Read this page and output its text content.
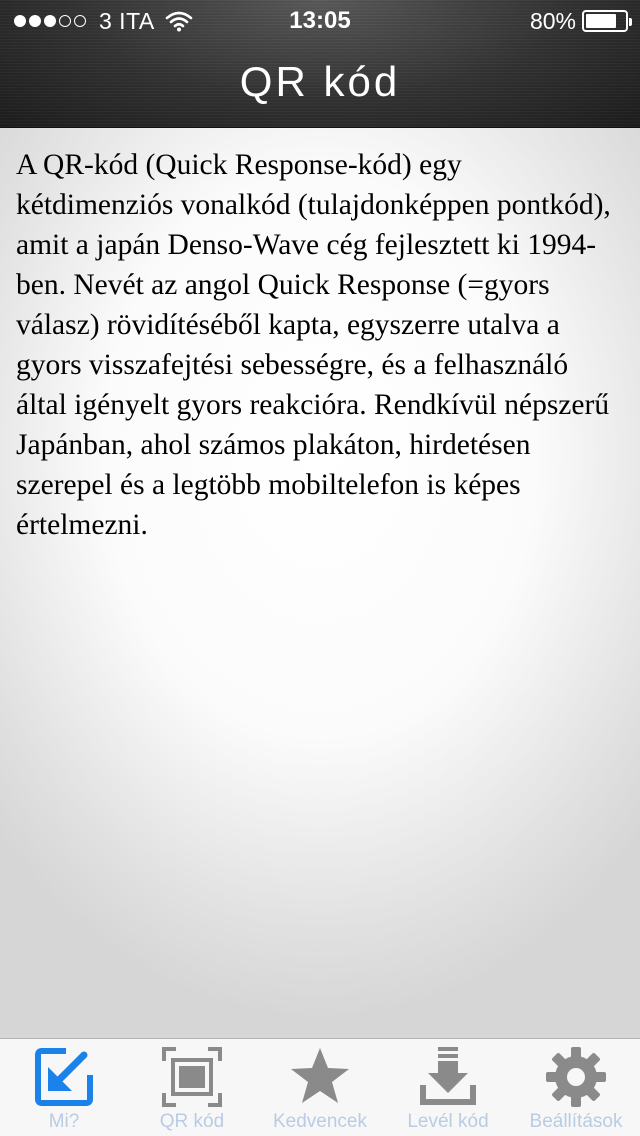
3 ITA	13:05	80%
QR kód

A QR-kód (Quick Response-kód) egy kétdimenziós vonalkód (tulajdonképpen pontkód), amit a japán Denso-Wave cég fejlesztett ki 1994-ben. Nevét az angol Quick Response (=gyors válasz) rövidítéséből kapta, egyszerre utalva a gyors visszafejtési sebességre, és a felhasználó által igényelt gyors reakcióra. Rendkívül népszerű Japánban, ahol számos plakáton, hirdetésen szerepel és a legtöbb mobiltelefon is képes értelmezni.

Mi?	QR kód	Kedvencek	Levél kód	Beállítások
